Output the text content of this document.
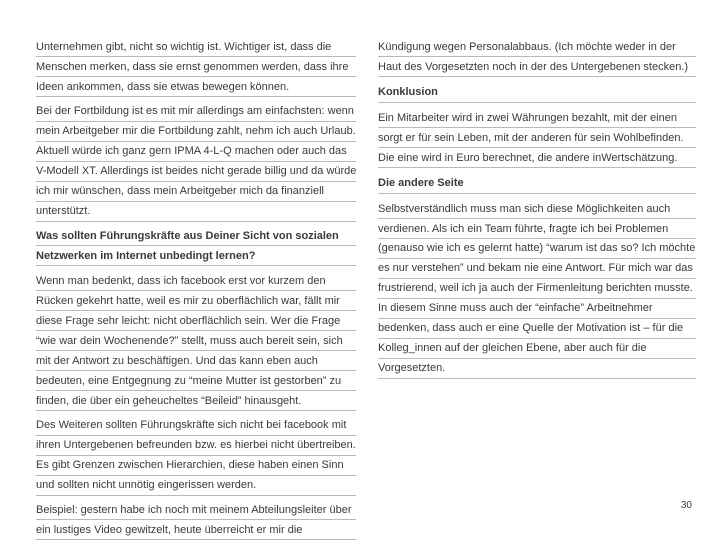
Unternehmen gibt, nicht so wichtig ist. Wichtiger ist, dass die
Menschen merken, dass sie ernst genommen werden, dass ihre
Ideen ankommen, dass sie etwas bewegen können.
Bei der Fortbildung ist es mit mir allerdings am einfachsten: wenn
mein Arbeitgeber mir die Fortbildung zahlt, nehm ich auch Urlaub.
Aktuell würde ich ganz gern IPMA 4-L-Q machen oder auch das
V-Modell XT. Allerdings ist beides nicht gerade billig und da würde
ich mir wünschen, dass mein Arbeitgeber mich da finanziell
unterstützt.
Was sollten Führungskräfte aus Deiner Sicht von sozialen
Netzwerken im Internet unbedingt lernen?
Wenn man bedenkt, dass ich facebook erst vor kurzem den
Rücken gekehrt hatte, weil es mir zu oberflächlich war, fällt mir
diese Frage sehr leicht: nicht oberflächlich sein. Wer die Frage
“wie war dein Wochenende?” stellt, muss auch bereit sein, sich
mit der Antwort zu beschäftigen. Und das kann eben auch
bedeuten, eine Entgegnung zu “meine Mutter ist gestorben” zu
finden, die über ein geheucheltes “Beileid” hinausgeht.
Des Weiteren sollten Führungskräfte sich nicht bei facebook mit
ihren Untergebenen befreunden bzw. es hierbei nicht übertreiben.
Es gibt Grenzen zwischen Hierarchien, diese haben einen Sinn
und sollten nicht unnötig eingerissen werden.
Beispiel: gestern habe ich noch mit meinem Abteilungsleiter über
ein lustiges Video gewitzelt, heute überreicht er mir die
Kündigung wegen Personalabbaus. (Ich möchte weder in der
Haut des Vorgesetzten noch in der des Untergebenen stecken.)
Konklusion
Ein Mitarbeiter wird in zwei Währungen bezahlt, mit der einen
sorgt er für sein Leben, mit der anderen für sein Wohlbefinden.
Die eine wird in Euro berechnet, die andere inWertschätzung.
Die andere Seite
Selbstverständlich muss man sich diese Möglichkeiten auch
verdienen. Als ich ein Team führte, fragte ich bei Problemen
(genauso wie ich es gelernt hatte) “warum ist das so? Ich möchte
es nur verstehen” und bekam nie eine Antwort. Für mich war das
frustrierend, weil ich ja auch der Firmenleitung berichten musste.
In diesem Sinne muss auch der “einfache” Arbeitnehmer
bedenken, dass auch er eine Quelle der Motivation ist – für die
Kolleg_innen auf der gleichen Ebene, aber auch für die
Vorgesetzten.
30
